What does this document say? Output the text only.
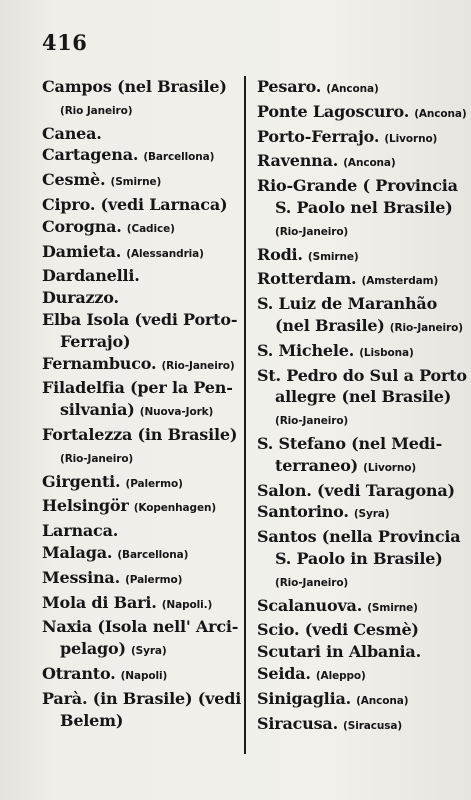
416
Campos (nel Brasile)
(Rio Janeiro)
Canea.
Cartagena. (Barcellona)
Cesmè. (Smirne)
Cipro. (vedi Larnaca)
Corogna. (Cadice)
Damieta. (Alessandria)
Dardanelli.
Durazzo.
Elba Isola (vedi Porto-
Ferrajo)
Fernambuco. (Rio-Janeiro)
Filadelfia (per la Pen-
silvania) (Nuova-Jork)
Fortalezza (in Brasile)
(Rio-Janeiro)
Girgenti. (Palermo)
Helsingör (Kopenhagen)
Larnaca.
Malaga. (Barcellona)
Messina. (Palermo)
Mola di Bari. (Napoli.)
Naxia (Isola nell' Arci-
pelago) (Syra)
Otranto. (Napoli)
Parà. (in Brasile) (vedi
Belem)
Pesaro. (Ancona)
Ponte Lagoscuro. (Ancona)
Porto-Ferrajo. (Livorno)
Ravenna. (Ancona)
Rio-Grande ( Provincia
S. Paolo nel Brasile)
(Rio-Janeiro)
Rodi. (Smirne)
Rotterdam. (Amsterdam)
S. Luiz de Maranhão
(nel Brasile) (Rio-Janeiro)
S. Michele. (Lisbona)
St. Pedro do Sul a Porto
allegre (nel Brasile)
(Rio-Janeiro)
S. Stefano (nel Medi-
terraneo) (Livorno)
Salon. (vedi Taragona)
Santorino. (Syra)
Santos (nella Provincia
S. Paolo in Brasile)
(Rio-Janeiro)
Scalanuova. (Smirne)
Scio. (vedi Cesmè)
Scutari in Albania.
Seida. (Aleppo)
Sinigaglia. (Ancona)
Siracusa. (Siracusa)
